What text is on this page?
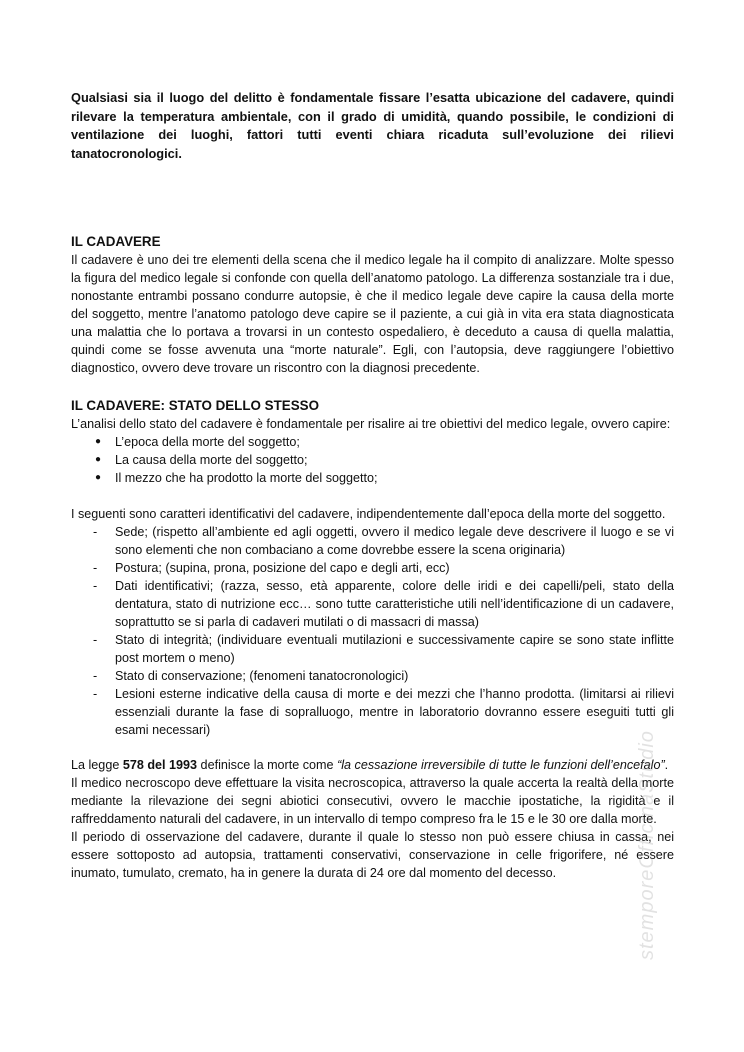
Qualsiasi sia il luogo del delitto è fondamentale fissare l’esatta ubicazione del cadavere, quindi rilevare la temperatura ambientale, con il grado di umidità, quando possibile, le condizioni di ventilazione dei luoghi, fattori tutti eventi chiara ricaduta sull’evoluzione dei rilievi tanatocronologici.

IL CADAVERE

Il cadavere è uno dei tre elementi della scena che il medico legale ha il compito di analizzare. Molte spesso la figura del medico legale si confonde con quella dell’anatomo patologo. La differenza sostanziale tra i due, nonostante entrambi possano condurre autopsie, è che il medico legale deve capire la causa della morte del soggetto, mentre l’anatomo patologo deve capire se il paziente, a cui già in vita era stata diagnosticata una malattia che lo portava a trovarsi in un contesto ospedaliero, è deceduto a causa di quella malattia, quindi come se fosse avvenuta una “morte naturale”. Egli, con l’autopsia, deve raggiungere l’obiettivo diagnostico, ovvero deve trovare un riscontro con la diagnosi precedente.

IL CADAVERE: STATO DELLO STESSO

L’analisi dello stato del cadavere è fondamentale per risalire ai tre obiettivi del medico legale, ovvero capire:

● L’epoca della morte del soggetto;
● La causa della morte del soggetto;
● Il mezzo che ha prodotto la morte del soggetto;

I seguenti sono caratteri identificativi del cadavere, indipendentemente dall’epoca della morte del soggetto.

- Sede; (rispetto all’ambiente ed agli oggetti, ovvero il medico legale deve descrivere il luogo e se vi sono elementi che non combaciano a come dovrebbe essere la scena originaria)
- Postura; (supina, prona, posizione del capo e degli arti, ecc)
- Dati identificativi; (razza, sesso, età apparente, colore delle iridi e dei capelli/peli, stato della dentatura, stato di nutrizione ecc… sono tutte caratteristiche utili nell’identificazione di un cadavere, soprattutto se si parla di cadaveri mutilati o di massacri di massa)
- Stato di integrità; (individuare eventuali mutilazioni e successivamente capire se sono state inflitte post mortem o meno)
- Stato di conservazione; (fenomeni tanatocronologici)
- Lesioni esterne indicative della causa di morte e dei mezzi che l’hanno prodotta. (limitarsi ai rilievi essenziali durante la fase di sopralluogo, mentre in laboratorio dovranno essere eseguiti tutti gli esami necessari)

La legge 578 del 1993 definisce la morte come “la cessazione irreversibile di tutte le funzioni dell’encefalo”.

Il medico necroscopo deve effettuare la visita necroscopica, attraverso la quale accerta la realtà della morte mediante la rilevazione dei segni abiotici consecutivi, ovvero le macchie ipostatiche, la rigidità e il raffreddamento naturali del cadavere, in un intervallo di tempo compreso fra le 15 e le 30 ore dalla morte.

Il periodo di osservazione del cadavere, durante il quale lo stesso non può essere chiusa in cassa, nei essere sottoposto ad autopsia, trattamenti conservativi, conservazione in celle frigorifere, né essere inumato, tumulato, cremato, ha in genere la durata di 24 ore dal momento del decesso.	stemporeOfficinaStudio
